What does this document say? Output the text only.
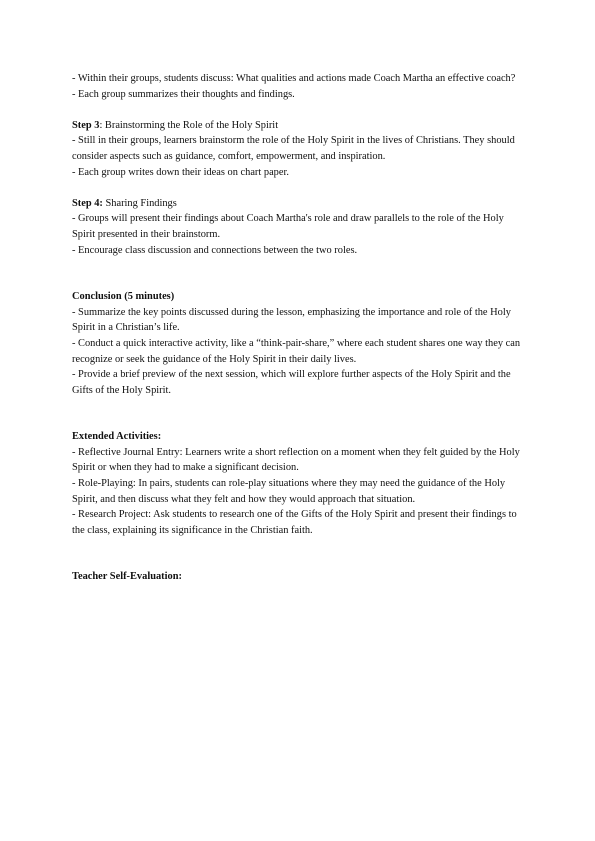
- Within their groups, students discuss: What qualities and actions made Coach Martha an effective coach?

- Each group summarizes their thoughts and findings.

Step 3: Brainstorming the Role of the Holy Spirit

- Still in their groups, learners brainstorm the role of the Holy Spirit in the lives of Christians. They should consider aspects such as guidance, comfort, empowerment, and inspiration.

- Each group writes down their ideas on chart paper.

Step 4: Sharing Findings

- Groups will present their findings about Coach Martha's role and draw parallels to the role of the Holy Spirit presented in their brainstorm.

- Encourage class discussion and connections between the two roles.

Conclusion (5 minutes)

- Summarize the key points discussed during the lesson, emphasizing the importance and role of the Holy Spirit in a Christian’s life.

- Conduct a quick interactive activity, like a “think-pair-share,” where each student shares one way they can recognize or seek the guidance of the Holy Spirit in their daily lives.

- Provide a brief preview of the next session, which will explore further aspects of the Holy Spirit and the Gifts of the Holy Spirit.

Extended Activities:

- Reflective Journal Entry: Learners write a short reflection on a moment when they felt guided by the Holy Spirit or when they had to make a significant decision.

- Role-Playing: In pairs, students can role-play situations where they may need the guidance of the Holy Spirit, and then discuss what they felt and how they would approach that situation.

- Research Project: Ask students to research one of the Gifts of the Holy Spirit and present their findings to the class, explaining its significance in the Christian faith.

Teacher Self-Evaluation:
